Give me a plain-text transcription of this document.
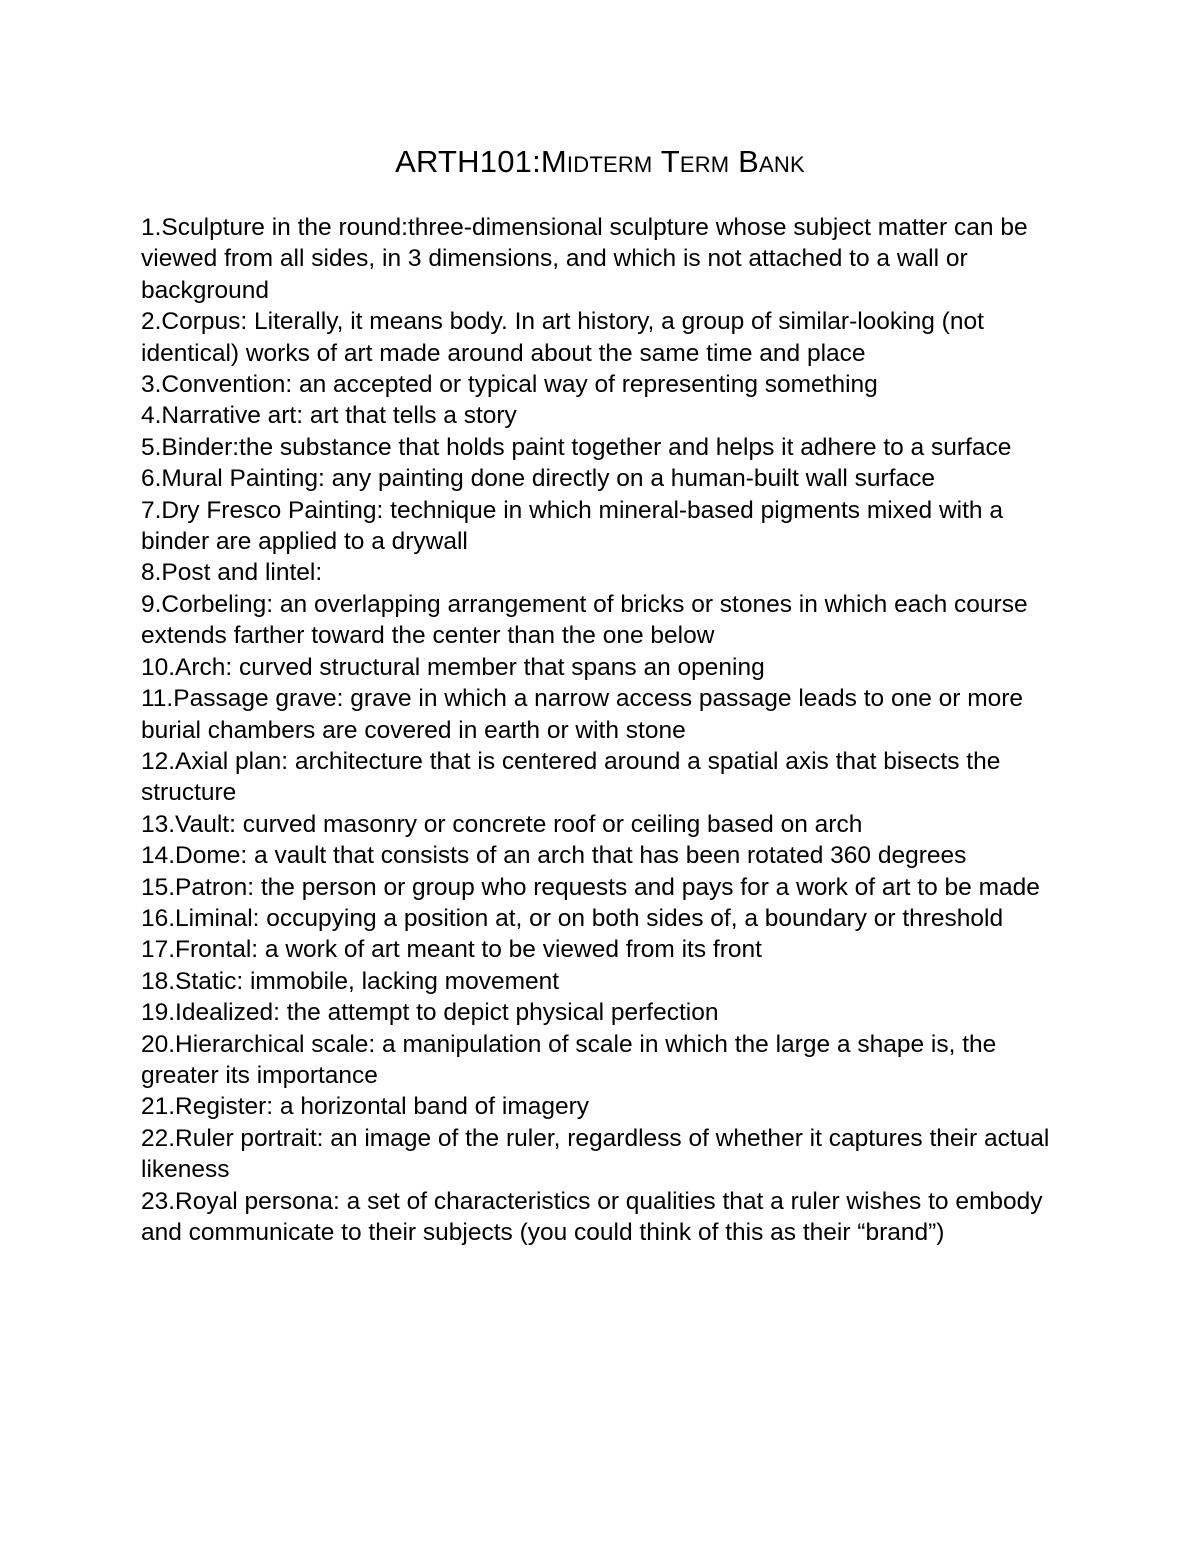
ARTH101:Midterm Term Bank
1.Sculpture in the round:three-dimensional sculpture whose subject matter can be viewed from all sides, in 3 dimensions, and which is not attached to a wall or background
2.Corpus: Literally, it means body. In art history, a group of similar-looking (not identical) works of art made around about the same time and place
3.Convention: an accepted or typical way of representing something
4.Narrative art: art that tells a story
5.Binder:the substance that holds paint together and helps it adhere to a surface
6.Mural Painting: any painting done directly on a human-built wall surface
7.Dry Fresco Painting: technique in which mineral-based pigments mixed with a binder are applied to a drywall
8.Post and lintel:
9.Corbeling: an overlapping arrangement of bricks or stones in which each course extends farther toward the center than the one below
10.Arch: curved structural member that spans an opening
11.Passage grave: grave in which a narrow access passage leads to one or more burial chambers are covered in earth or with stone
12.Axial plan: architecture that is centered around a spatial axis that bisects the structure
13.Vault: curved masonry or concrete roof or ceiling based on arch
14.Dome: a vault that consists of an arch that has been rotated 360 degrees
15.Patron: the person or group who requests and pays for a work of art to be made
16.Liminal: occupying a position at, or on both sides of, a boundary or threshold
17.Frontal: a work of art meant to be viewed from its front
18.Static: immobile, lacking movement
19.Idealized: the attempt to depict physical perfection
20.Hierarchical scale: a manipulation of scale in which the large a shape is, the greater its importance
21.Register: a horizontal band of imagery
22.Ruler portrait: an image of the ruler, regardless of whether it captures their actual likeness
23.Royal persona: a set of characteristics or qualities that a ruler wishes to embody and communicate to their subjects (you could think of this as their “brand”)
